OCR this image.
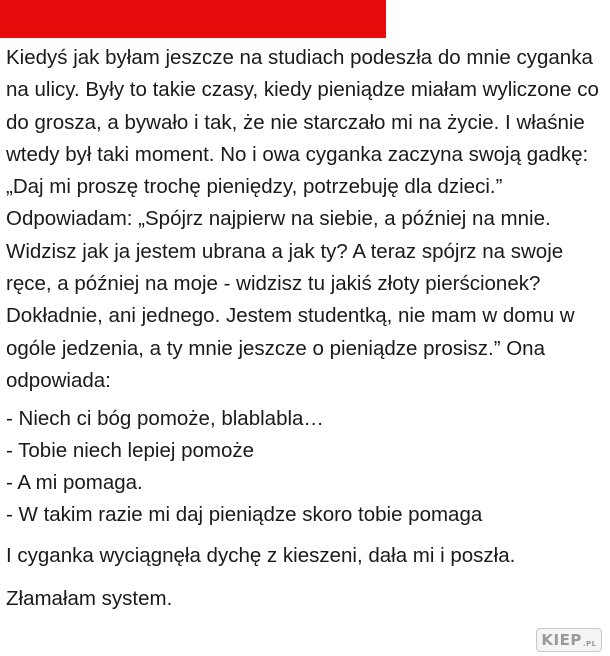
Kiedyś jak byłam jeszcze na studiach podeszła do mnie cyganka na ulicy. Były to takie czasy, kiedy pieniądze miałam wyliczone co do grosza, a bywało i tak, że nie starczało mi na życie. I właśnie wtedy był taki moment. No i owa cyganka zaczyna swoją gadkę: „Daj mi proszę trochę pieniędzy, potrzebuję dla dzieci.” Odpowiadam: „Spójrz najpierw na siebie, a później na mnie. Widzisz jak ja jestem ubrana a jak ty? A teraz spójrz na swoje ręce, a później na moje - widzisz tu jakiś złoty pierścionek? Dokładnie, ani jednego. Jestem studentką, nie mam w domu w ogóle jedzenia, a ty mnie jeszcze o pieniądze prosisz.” Ona odpowiada:

- Niech ci bóg pomoże, blablabla…
- Tobie niech lepiej pomoże
- A mi pomaga.
- W takim razie mi daj pieniądze skoro tobie pomaga

I cyganka wyciągnęła dychę z kieszeni, dała mi i poszła.

Złamałam system.

KIEP .PL
